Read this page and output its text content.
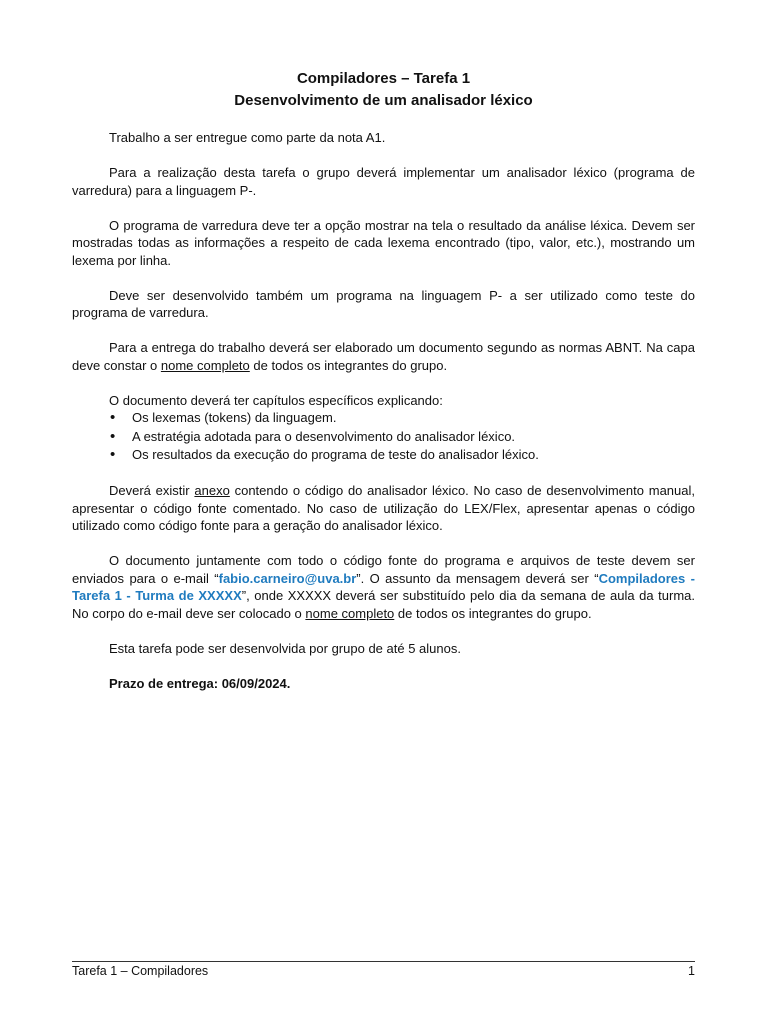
Compiladores – Tarefa 1
Desenvolvimento de um analisador léxico

Trabalho a ser entregue como parte da nota A1.

Para a realização desta tarefa o grupo deverá implementar um analisador léxico (programa de varredura) para a linguagem P-.

O programa de varredura deve ter a opção mostrar na tela o resultado da análise léxica. Devem ser mostradas todas as informações a respeito de cada lexema encontrado (tipo, valor, etc.), mostrando um lexema por linha.

Deve ser desenvolvido também um programa na linguagem P- a ser utilizado como teste do programa de varredura.

Para a entrega do trabalho deverá ser elaborado um documento segundo as normas ABNT. Na capa deve constar o nome completo de todos os integrantes do grupo.

O documento deverá ter capítulos específicos explicando:

• Os lexemas (tokens) da linguagem.
• A estratégia adotada para o desenvolvimento do analisador léxico.
• Os resultados da execução do programa de teste do analisador léxico.

Deverá existir anexo contendo o código do analisador léxico. No caso de desenvolvimento manual, apresentar o código fonte comentado. No caso de utilização do LEX/Flex, apresentar apenas o código utilizado como código fonte para a geração do analisador léxico.

O documento juntamente com todo o código fonte do programa e arquivos de teste devem ser enviados para o e-mail “fabio.carneiro@uva.br”. O assunto da mensagem deverá ser “Compiladores - Tarefa 1 - Turma de XXXXX”, onde XXXXX deverá ser substituído pelo dia da semana de aula da turma. No corpo do e-mail deve ser colocado o nome completo de todos os integrantes do grupo.

Esta tarefa pode ser desenvolvida por grupo de até 5 alunos.

Prazo de entrega: 06/09/2024.

Tarefa 1 – Compiladores	1
